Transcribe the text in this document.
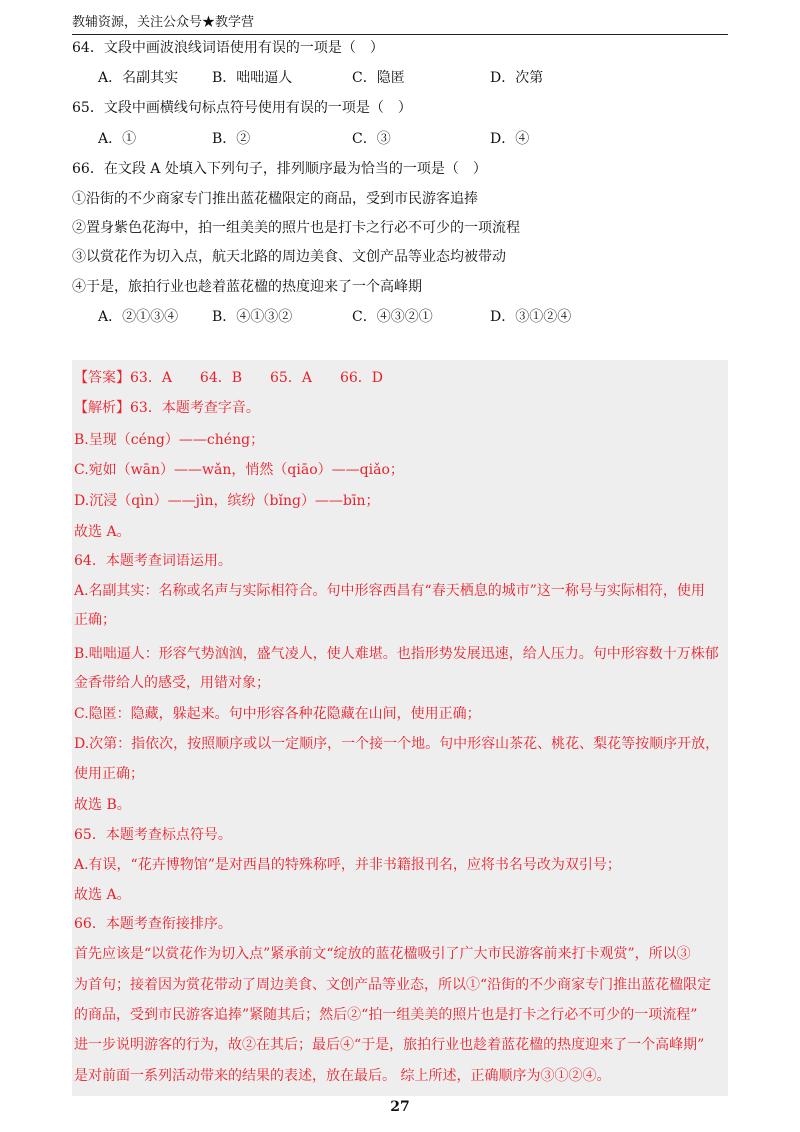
教辅资源，关注公众号★教学营
64．文段中画波浪线词语使用有误的一项是（　）
A．名副其实 B．咄咄逼人	C．隐匿	D．次第
65．文段中画横线句标点符号使用有误的一项是（　）
A．①	B．②	C．③	D．④
66．在文段 A 处填入下列句子，排列顺序最为恰当的一项是（　）
①沿街的不少商家专门推出蓝花楹限定的商品，受到市民游客追捧
②置身紫色花海中，拍一组美美的照片也是打卡之行必不可少的一项流程
③以赏花作为切入点，航天北路的周边美食、文创产品等业态均被带动
④于是，旅拍行业也趁着蓝花楹的热度迎来了一个高峰期
A．②①③④ B．④①③②	C．④③②①	D．③①②④
【答案】63．A　　64．B　　65．A　　66．D
【解析】63．本题考查字音。
B.呈现（céng）——chéng；
C.宛如（wān）——wǎn，悄然（qiāo）——qiǎo；
D.沉浸（qìn）——jìn，缤纷（bǐng）——bīn；
故选 A。
64．本题考查词语运用。
A.名副其实：名称或名声与实际相符合。句中形容西昌有“春天栖息的城市”这一称号与实际相符，使用
正确；
B.咄咄逼人：形容气势汹汹，盛气凌人，使人难堪。也指形势发展迅速，给人压力。句中形容数十万株郁
金香带给人的感受，用错对象；
C.隐匿：隐藏，躲起来。句中形容各种花隐藏在山间，使用正确；
D.次第：指依次，按照顺序或以一定顺序，一个接一个地。句中形容山茶花、桃花、梨花等按顺序开放，
使用正确；
故选 B。
65．本题考查标点符号。
A.有误，“花卉博物馆”是对西昌的特殊称呼，并非书籍报刊名，应将书名号改为双引号；
故选 A。
66．本题考查衔接排序。
首先应该是“以赏花作为切入点”紧承前文“绽放的蓝花楹吸引了广大市民游客前来打卡观赏”，所以③
为首句；接着因为赏花带动了周边美食、文创产品等业态，所以①“沿街的不少商家专门推出蓝花楹限定
的商品，受到市民游客追捧”紧随其后；然后②“拍一组美美的照片也是打卡之行必不可少的一项流程”
进一步说明游客的行为，故②在其后；最后④“于是，旅拍行业也趁着蓝花楹的热度迎来了一个高峰期”
是对前面一系列活动带来的结果的表述，放在最后。 综上所述，正确顺序为③①②④。
27
